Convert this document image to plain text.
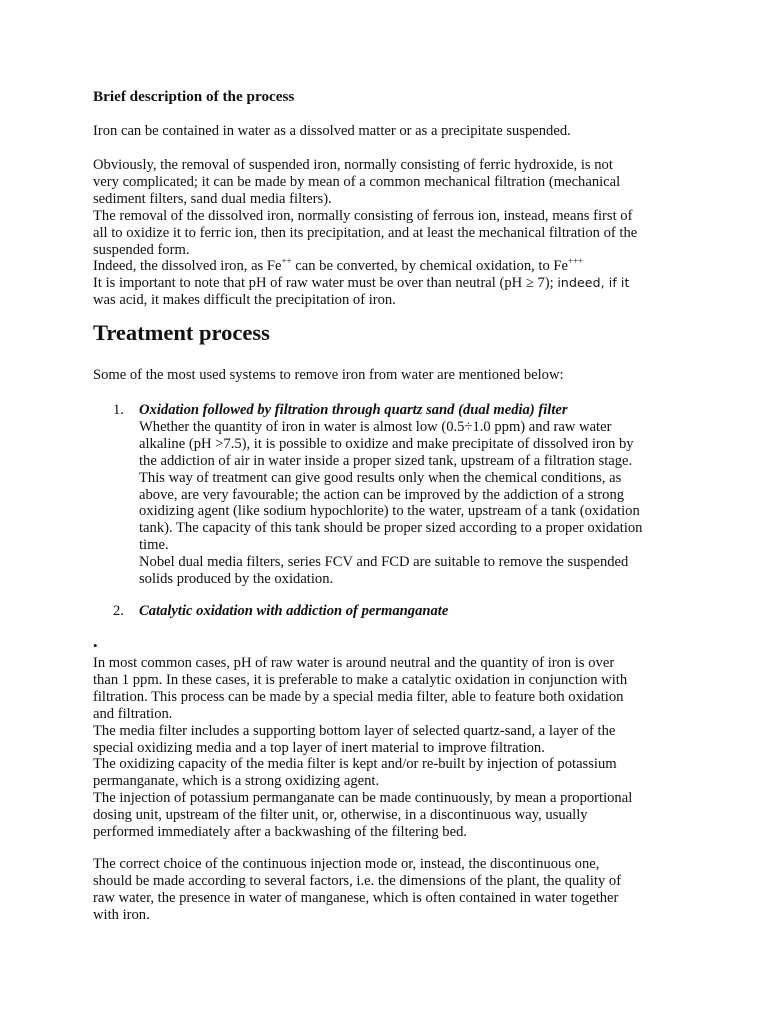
Brief description of the process
Iron can be contained in water as a dissolved matter or as a precipitate suspended.
Obviously, the removal of suspended iron, normally consisting of ferric hydroxide, is not
very complicated; it can be made by mean of a common mechanical filtration (mechanical
sediment filters, sand dual media filters).
The removal of the dissolved iron, normally consisting of ferrous ion, instead, means first of
all to oxidize it to ferric ion, then its precipitation, and at least the mechanical filtration of the
suspended form.
Indeed, the dissolved iron, as Fe++ can be converted, by chemical oxidation, to Fe+++
It is important to note that pH of raw water must be over than neutral (pH ≥ 7); indeed, if it
was acid, it makes difficult the precipitation of iron.
Treatment process
Some of the most used systems to remove iron from water are mentioned below:
1. Oxidation followed by filtration through quartz sand (dual media) filter
Whether the quantity of iron in water is almost low (0.5÷1.0 ppm) and raw water
alkaline (pH >7.5), it is possible to oxidize and make precipitate of dissolved iron by
the addiction of air in water inside a proper sized tank, upstream of a filtration stage.
This way of treatment can give good results only when the chemical conditions, as
above, are very favourable; the action can be improved by the addiction of a strong
oxidizing agent (like sodium hypochlorite) to the water, upstream of a tank (oxidation
tank). The capacity of this tank should be proper sized according to a proper oxidation
time.
Nobel dual media filters, series FCV and FCD are suitable to remove the suspended
solids produced by the oxidation.
2. Catalytic oxidation with addiction of permanganate
•
In most common cases, pH of raw water is around neutral and the quantity of iron is over
than 1 ppm. In these cases, it is preferable to make a catalytic oxidation in conjunction with
filtration. This process can be made by a special media filter, able to feature both oxidation
and filtration.
The media filter includes a supporting bottom layer of selected quartz-sand, a layer of the
special oxidizing media and a top layer of inert material to improve filtration.
The oxidizing capacity of the media filter is kept and/or re-built by injection of potassium
permanganate, which is a strong oxidizing agent.
The injection of potassium permanganate can be made continuously, by mean a proportional
dosing unit, upstream of the filter unit, or, otherwise, in a discontinuous way, usually
performed immediately after a backwashing of the filtering bed.
The correct choice of the continuous injection mode or, instead, the discontinuous one,
should be made according to several factors, i.e. the dimensions of the plant, the quality of
raw water, the presence in water of manganese, which is often contained in water together
with iron.
